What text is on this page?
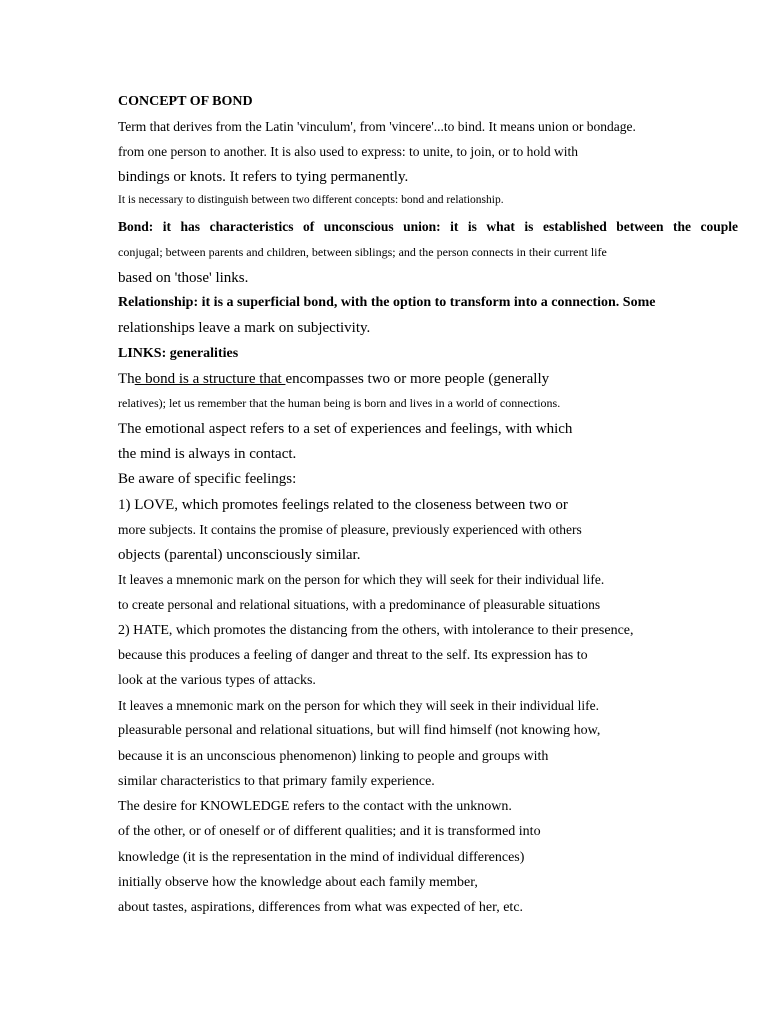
CONCEPT OF BOND
Term that derives from the Latin 'vinculum', from 'vincere'...to bind. It means union or bondage.
from one person to another. It is also used to express: to unite, to join, or to hold with
bindings or knots. It refers to tying permanently.
It is necessary to distinguish between two different concepts: bond and relationship.
Bond: it has characteristics of unconscious union: it is what is established between the couple
conjugal; between parents and children, between siblings; and the person connects in their current life
based on 'those' links.
Relationship: it is a superficial bond, with the option to transform into a connection. Some
relationships leave a mark on subjectivity.
LINKS: generalities
The bond is a structure that encompasses two or more people (generally
relatives); let us remember that the human being is born and lives in a world of connections.
The emotional aspect refers to a set of experiences and feelings, with which
the mind is always in contact.
Be aware of specific feelings:
1) LOVE, which promotes feelings related to the closeness between two or
more subjects. It contains the promise of pleasure, previously experienced with others
objects (parental) unconsciously similar.
It leaves a mnemonic mark on the person for which they will seek for their individual life.
to create personal and relational situations, with a predominance of pleasurable situations
2) HATE, which promotes the distancing from the others, with intolerance to their presence,
because this produces a feeling of danger and threat to the self. Its expression has to
look at the various types of attacks.
It leaves a mnemonic mark on the person for which they will seek in their individual life.
pleasurable personal and relational situations, but will find himself (not knowing how,
because it is an unconscious phenomenon) linking to people and groups with
similar characteristics to that primary family experience.
The desire for KNOWLEDGE refers to the contact with the unknown.
of the other, or of oneself or of different qualities; and it is transformed into
knowledge (it is the representation in the mind of individual differences)
initially observe how the knowledge about each family member,
about tastes, aspirations, differences from what was expected of her, etc.
